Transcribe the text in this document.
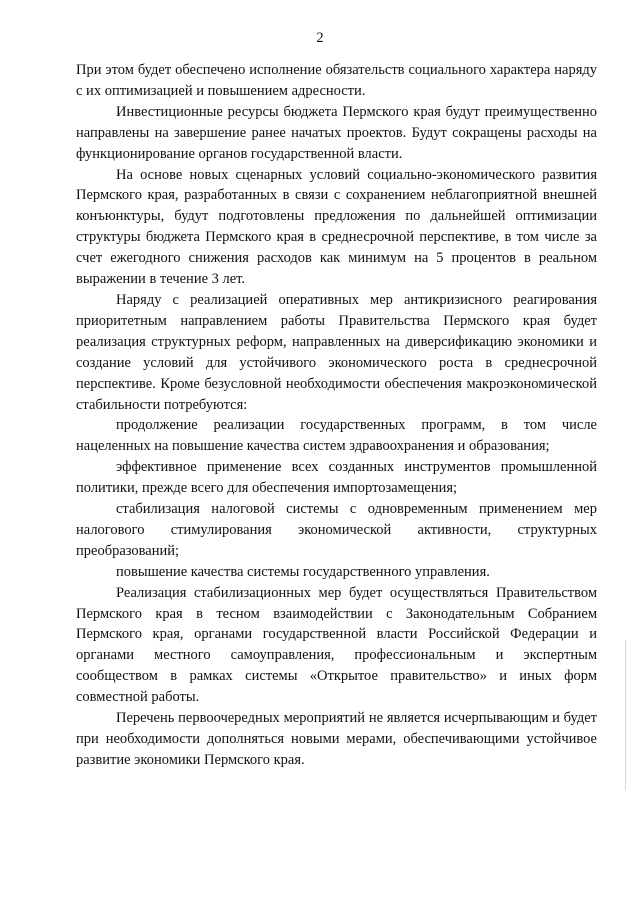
2

При этом будет обеспечено исполнение обязательств социального характера наряду с их оптимизацией и повышением адресности.

Инвестиционные ресурсы бюджета Пермского края будут преимущественно направлены на завершение ранее начатых проектов. Будут сокращены расходы на функционирование органов государственной власти.

На основе новых сценарных условий социально-экономического развития Пермского края, разработанных в связи с сохранением неблагоприятной внешней конъюнктуры, будут подготовлены предложения по дальнейшей оптимизации структуры бюджета Пермского края в среднесрочной перспективе, в том числе за счет ежегодного снижения расходов как минимум на 5 процентов в реальном выражении в течение 3 лет.

Наряду с реализацией оперативных мер антикризисного реагирования приоритетным направлением работы Правительства Пермского края будет реализация структурных реформ, направленных на диверсификацию экономики и создание условий для устойчивого экономического роста в среднесрочной перспективе. Кроме безусловной необходимости обеспечения макроэкономической стабильности потребуются:

продолжение реализации государственных программ, в том числе нацеленных на повышение качества систем здравоохранения и образования;

эффективное применение всех созданных инструментов промышленной политики, прежде всего для обеспечения импортозамещения;

стабилизация налоговой системы с одновременным применением мер налогового стимулирования экономической активности, структурных преобразований;

повышение качества системы государственного управления.

Реализация стабилизационных мер будет осуществляться Правительством Пермского края в тесном взаимодействии с Законодательным Собранием Пермского края, органами государственной власти Российской Федерации и органами местного самоуправления, профессиональным и экспертным сообществом в рамках системы «Открытое правительство» и иных форм совместной работы.

Перечень первоочередных мероприятий не является исчерпывающим и будет при необходимости дополняться новыми мерами, обеспечивающими устойчивое развитие экономики Пермского края.
